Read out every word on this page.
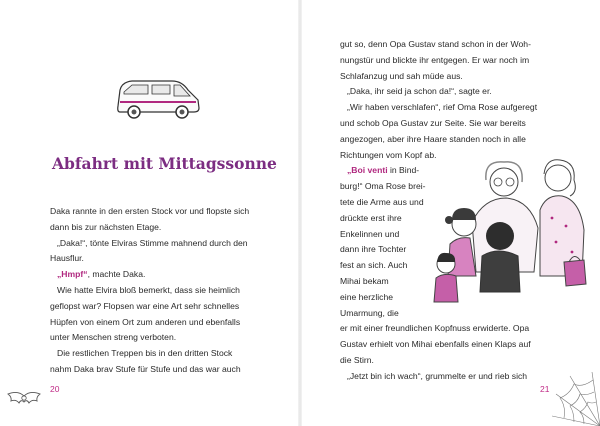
Abfahrt mit Mittagssonne

Daka rannte in den ersten Stock vor und flopste sich
dann bis zur nächsten Etage.

„Daka!“, tönte Elviras Stimme mahnend durch den
Hausflur.

„Hmpf“, machte Daka.

Wie hatte Elvira bloß bemerkt, dass sie heimlich
geflopst war? Flopsen war eine Art sehr schnelles
Hüpfen von einem Ort zum anderen und ebenfalls
unter Menschen streng verboten.

Die restlichen Treppen bis in den dritten Stock
nahm Daka brav Stufe für Stufe und das war auch

20

gut so, denn Opa Gustav stand schon in der Woh-

nungstür und blickte ihr entgegen. Er war noch im

Schlafanzug und sah müde aus.

„Daka, ihr seid ja schon da!“, sagte er.

„Wir haben verschlafen“, rief Oma Rose aufgeregt

und schob Opa Gustav zur Seite. Sie war bereits

angezogen, aber ihre Haare standen noch in alle

Richtungen vom Kopf ab.

„Boi venti in Bind-

burg!“ Oma Rose brei-

tete die Arme aus und

drückte erst ihre

Enkelinnen und

dann ihre Tochter

fest an sich. Auch

Mihai bekam

eine herzliche

Umarmung, die

er mit einer freundlichen Kopfnuss erwiderte. Opa

Gustav erhielt von Mihai ebenfalls einen Klaps auf

die Stirn.

„Jetzt bin ich wach“, grummelte er und rieb sich

21
